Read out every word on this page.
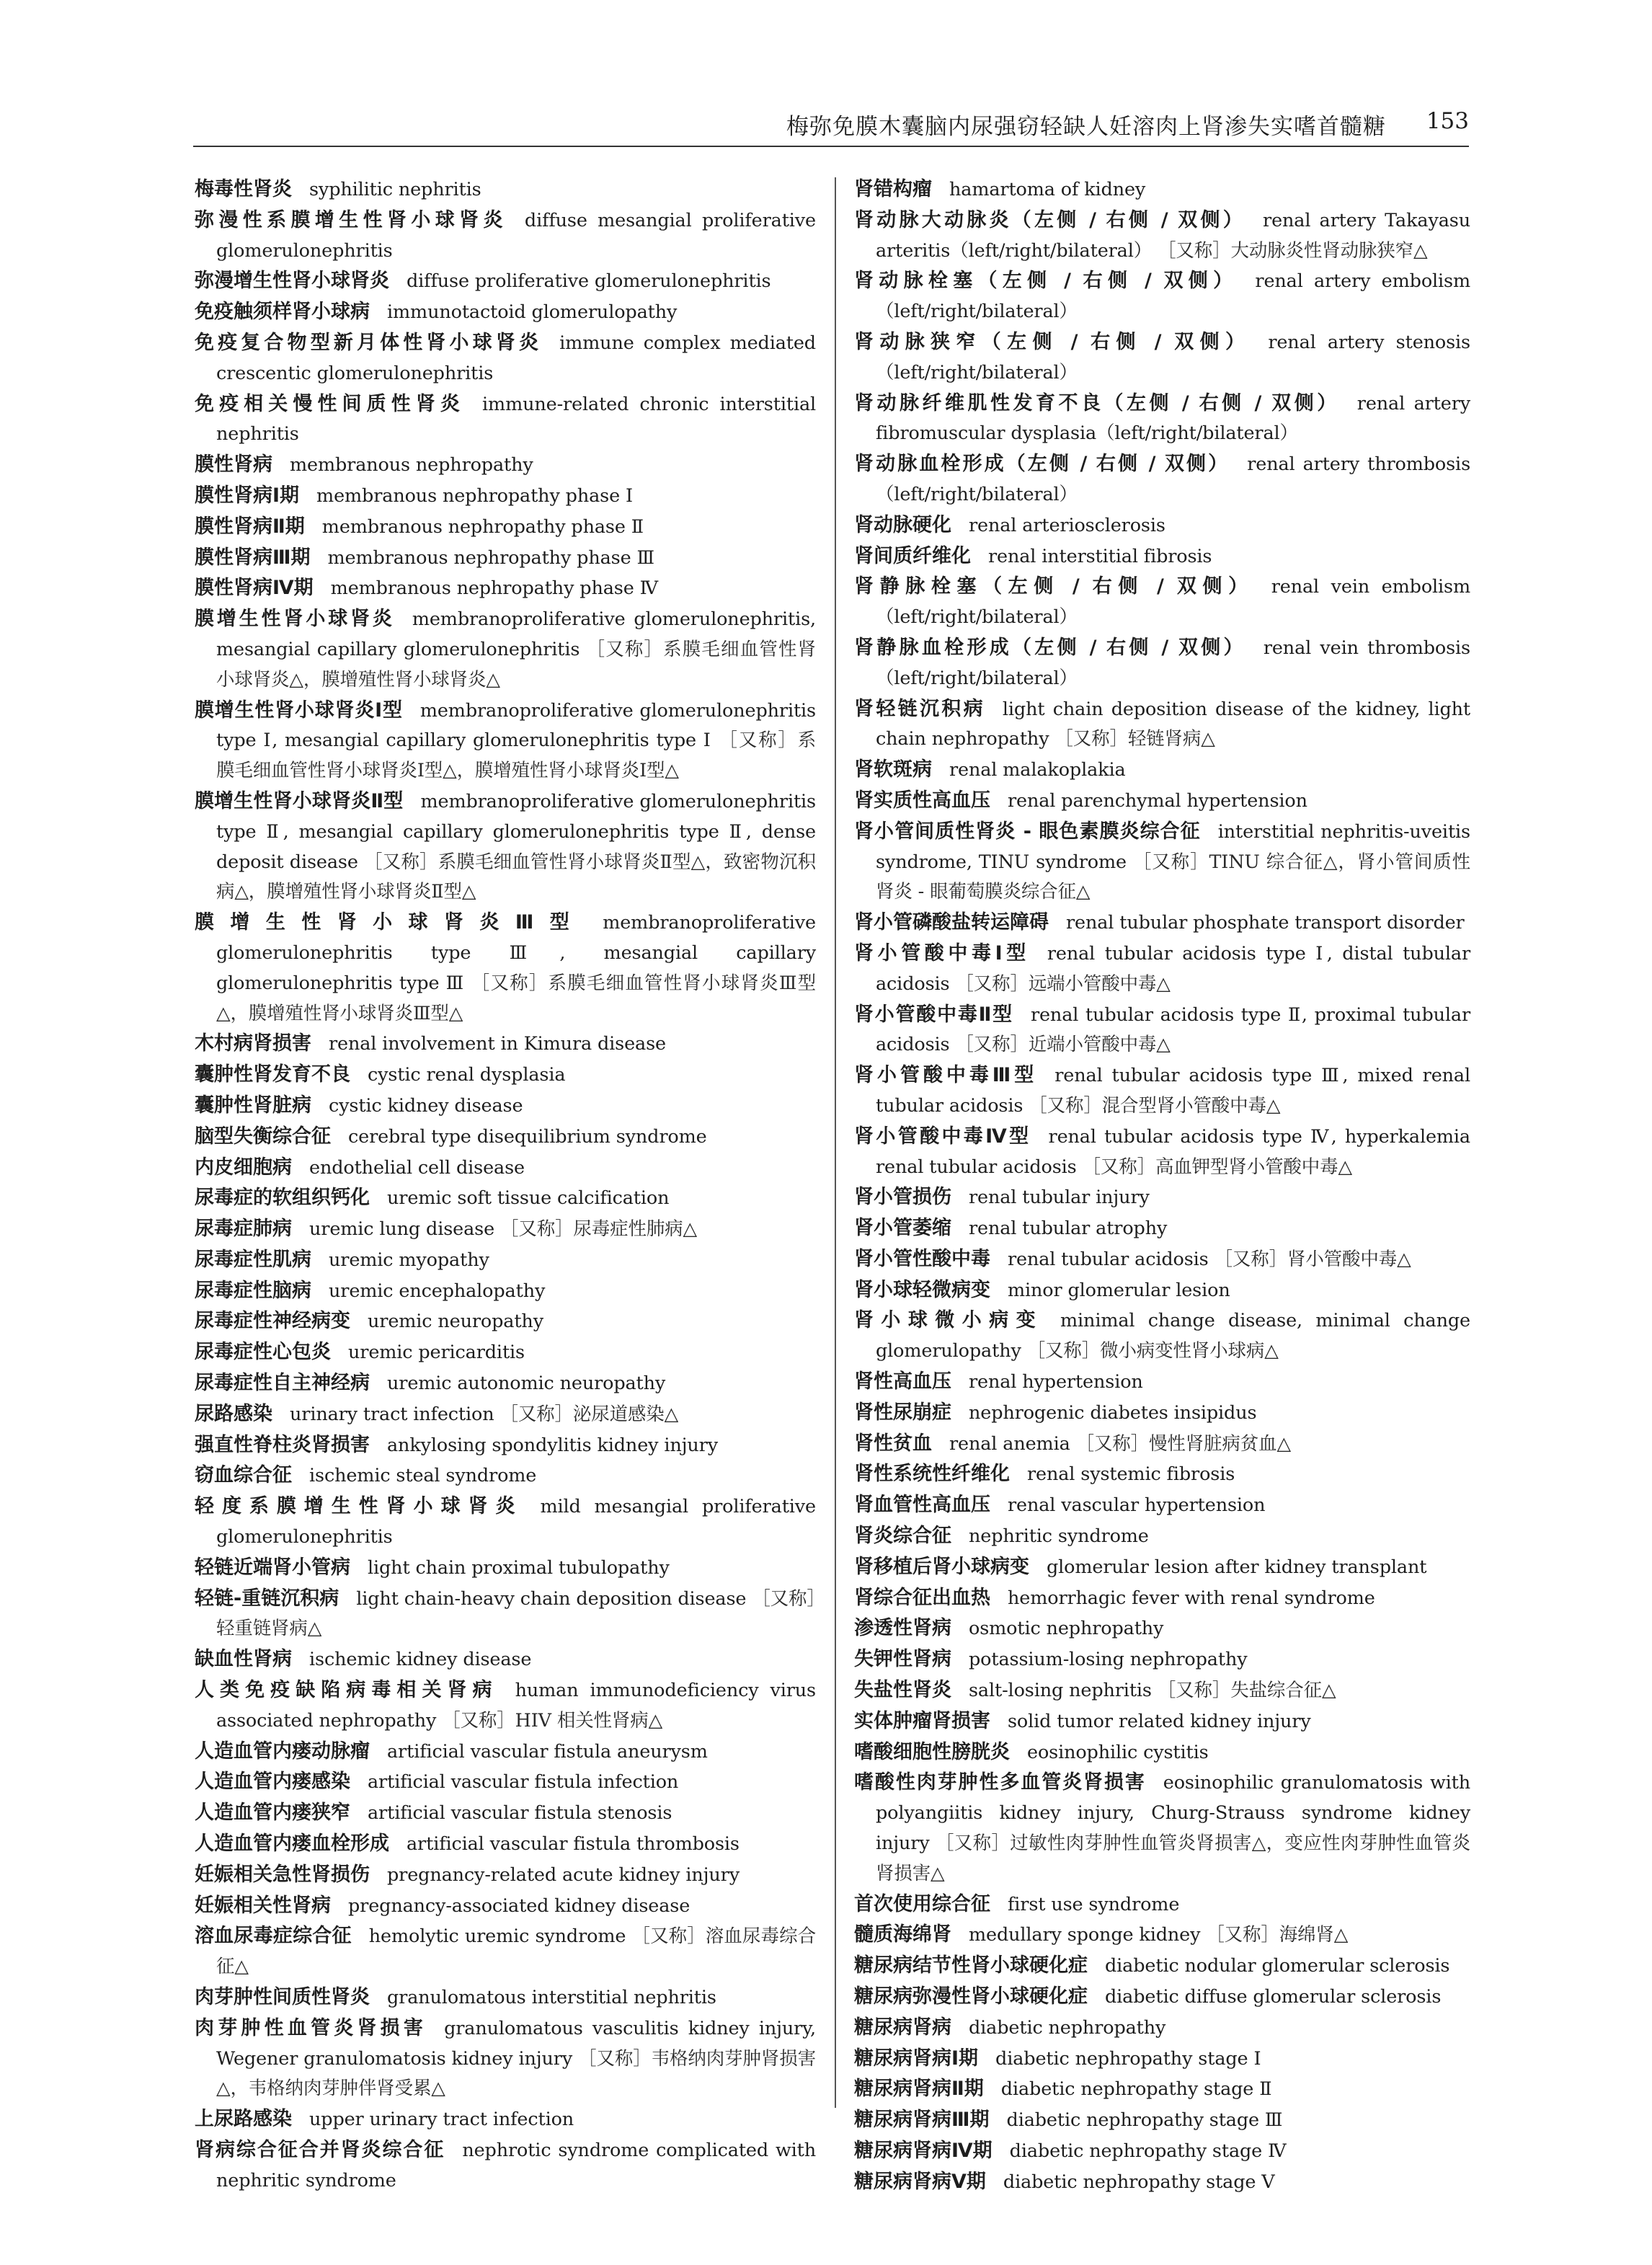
梅弥免膜木囊脑内尿强窃轻缺人妊溶肉上肾渗失实嗜首髓糖 153
梅毒性肾炎 syphilitic nephritis
弥漫性系膜增生性肾小球肾炎 diffuse mesangial proliferative glomerulonephritis
弥漫增生性肾小球肾炎 diffuse proliferative glomerulonephritis
免疫触须样肾小球病 immunotactoid glomerulopathy
免疫复合物型新月体性肾小球肾炎 immune complex mediated crescentic glomerulonephritis
免疫相关慢性间质性肾炎 immune-related chronic interstitial nephritis
膜性肾病 membranous nephropathy
膜性肾病Ⅰ期 membranous nephropathy phase Ⅰ
膜性肾病Ⅱ期 membranous nephropathy phase Ⅱ
膜性肾病Ⅲ期 membranous nephropathy phase Ⅲ
膜性肾病Ⅳ期 membranous nephropathy phase Ⅳ
膜增生性肾小球肾炎 membranoproliferative glomerulonephritis, mesangial capillary glomerulonephritis ［又称］系膜毛细血管性肾小球肾炎△，膜增殖性肾小球肾炎△
膜增生性肾小球肾炎Ⅰ型 membranoproliferative glomerulonephritis type Ⅰ, mesangial capillary glomerulonephritis type Ⅰ ［又称］系膜毛细血管性肾小球肾炎Ⅰ型△，膜增殖性肾小球肾炎Ⅰ型△
膜增生性肾小球肾炎Ⅱ型 membranoproliferative glomerulonephritis type Ⅱ, mesangial capillary glomerulonephritis type Ⅱ, dense deposit disease ［又称］系膜毛细血管性肾小球肾炎Ⅱ型△，致密物沉积病△，膜增殖性肾小球肾炎Ⅱ型△
膜增生性肾小球肾炎Ⅲ型 membranoproliferative glomerulonephritis type Ⅲ, mesangial capillary glomerulonephritis type Ⅲ ［又称］系膜毛细血管性肾小球肾炎Ⅲ型△，膜增殖性肾小球肾炎Ⅲ型△
木村病肾损害 renal involvement in Kimura disease
囊肿性肾发育不良 cystic renal dysplasia
囊肿性肾脏病 cystic kidney disease
脑型失衡综合征 cerebral type disequilibrium syndrome
内皮细胞病 endothelial cell disease
尿毒症的软组织钙化 uremic soft tissue calcification
尿毒症肺病 uremic lung disease ［又称］尿毒症性肺病△
尿毒症性肌病 uremic myopathy
尿毒症性脑病 uremic encephalopathy
尿毒症性神经病变 uremic neuropathy
尿毒症性心包炎 uremic pericarditis
尿毒症性自主神经病 uremic autonomic neuropathy
尿路感染 urinary tract infection ［又称］泌尿道感染△
强直性脊柱炎肾损害 ankylosing spondylitis kidney injury
窃血综合征 ischemic steal syndrome
轻度系膜增生性肾小球肾炎 mild mesangial proliferative glomerulonephritis
轻链近端肾小管病 light chain proximal tubulopathy
轻链-重链沉积病 light chain-heavy chain deposition disease ［又称］轻重链肾病△
缺血性肾病 ischemic kidney disease
人类免疫缺陷病毒相关肾病 human immunodeficiency virus associated nephropathy ［又称］HIV 相关性肾病△
人造血管内瘘动脉瘤 artificial vascular fistula aneurysm
人造血管内瘘感染 artificial vascular fistula infection
人造血管内瘘狭窄 artificial vascular fistula stenosis
人造血管内瘘血栓形成 artificial vascular fistula thrombosis
妊娠相关急性肾损伤 pregnancy-related acute kidney injury
妊娠相关性肾病 pregnancy-associated kidney disease
溶血尿毒症综合征 hemolytic uremic syndrome ［又称］溶血尿毒综合征△
肉芽肿性间质性肾炎 granulomatous interstitial nephritis
肉芽肿性血管炎肾损害 granulomatous vasculitis kidney injury, Wegener granulomatosis kidney injury ［又称］韦格纳肉芽肿肾损害△，韦格纳肉芽肿伴肾受累△
上尿路感染 upper urinary tract infection
肾病综合征合并肾炎综合征 nephrotic syndrome complicated with nephritic syndrome
肾错构瘤 hamartoma of kidney
肾动脉大动脉炎（左侧 / 右侧 / 双侧） renal artery Takayasu arteritis（left/right/bilateral） ［又称］大动脉炎性肾动脉狭窄△
肾动脉栓塞（左侧 / 右侧 / 双侧） renal artery embolism（left/right/bilateral）
肾动脉狭窄（左侧 / 右侧 / 双侧） renal artery stenosis（left/right/bilateral）
肾动脉纤维肌性发育不良（左侧 / 右侧 / 双侧） renal artery fibromuscular dysplasia（left/right/bilateral）
肾动脉血栓形成（左侧 / 右侧 / 双侧） renal artery thrombosis（left/right/bilateral）
肾动脉硬化 renal arteriosclerosis
肾间质纤维化 renal interstitial fibrosis
肾静脉栓塞（左侧 / 右侧 / 双侧） renal vein embolism（left/right/bilateral）
肾静脉血栓形成（左侧 / 右侧 / 双侧） renal vein thrombosis（left/right/bilateral）
肾轻链沉积病 light chain deposition disease of the kidney, light chain nephropathy ［又称］轻链肾病△
肾软斑病 renal malakoplakia
肾实质性高血压 renal parenchymal hypertension
肾小管间质性肾炎 - 眼色素膜炎综合征 interstitial nephritis-uveitis syndrome, TINU syndrome ［又称］TINU 综合征△，肾小管间质性肾炎 - 眼葡萄膜炎综合征△
肾小管磷酸盐转运障碍 renal tubular phosphate transport disorder
肾小管酸中毒Ⅰ型 renal tubular acidosis type Ⅰ, distal tubular acidosis ［又称］远端小管酸中毒△
肾小管酸中毒Ⅱ型 renal tubular acidosis type Ⅱ, proximal tubular acidosis ［又称］近端小管酸中毒△
肾小管酸中毒Ⅲ型 renal tubular acidosis type Ⅲ, mixed renal tubular acidosis ［又称］混合型肾小管酸中毒△
肾小管酸中毒Ⅳ型 renal tubular acidosis type Ⅳ, hyperkalemia renal tubular acidosis ［又称］高血钾型肾小管酸中毒△
肾小管损伤 renal tubular injury
肾小管萎缩 renal tubular atrophy
肾小管性酸中毒 renal tubular acidosis ［又称］肾小管酸中毒△
肾小球轻微病变 minor glomerular lesion
肾小球微小病变 minimal change disease, minimal change glomerulopathy ［又称］微小病变性肾小球病△
肾性高血压 renal hypertension
肾性尿崩症 nephrogenic diabetes insipidus
肾性贫血 renal anemia ［又称］慢性肾脏病贫血△
肾性系统性纤维化 renal systemic fibrosis
肾血管性高血压 renal vascular hypertension
肾炎综合征 nephritic syndrome
肾移植后肾小球病变 glomerular lesion after kidney transplant
肾综合征出血热 hemorrhagic fever with renal syndrome
渗透性肾病 osmotic nephropathy
失钾性肾病 potassium-losing nephropathy
失盐性肾炎 salt-losing nephritis ［又称］失盐综合征△
实体肿瘤肾损害 solid tumor related kidney injury
嗜酸细胞性膀胱炎 eosinophilic cystitis
嗜酸性肉芽肿性多血管炎肾损害 eosinophilic granulomatosis with polyangiitis kidney injury, Churg-Strauss syndrome kidney injury ［又称］过敏性肉芽肿性血管炎肾损害△，变应性肉芽肿性血管炎肾损害△
首次使用综合征 first use syndrome
髓质海绵肾 medullary sponge kidney ［又称］海绵肾△
糖尿病结节性肾小球硬化症 diabetic nodular glomerular sclerosis
糖尿病弥漫性肾小球硬化症 diabetic diffuse glomerular sclerosis
糖尿病肾病 diabetic nephropathy
糖尿病肾病Ⅰ期 diabetic nephropathy stage Ⅰ
糖尿病肾病Ⅱ期 diabetic nephropathy stage Ⅱ
糖尿病肾病Ⅲ期 diabetic nephropathy stage Ⅲ
糖尿病肾病Ⅳ期 diabetic nephropathy stage Ⅳ
糖尿病肾病Ⅴ期 diabetic nephropathy stage Ⅴ
